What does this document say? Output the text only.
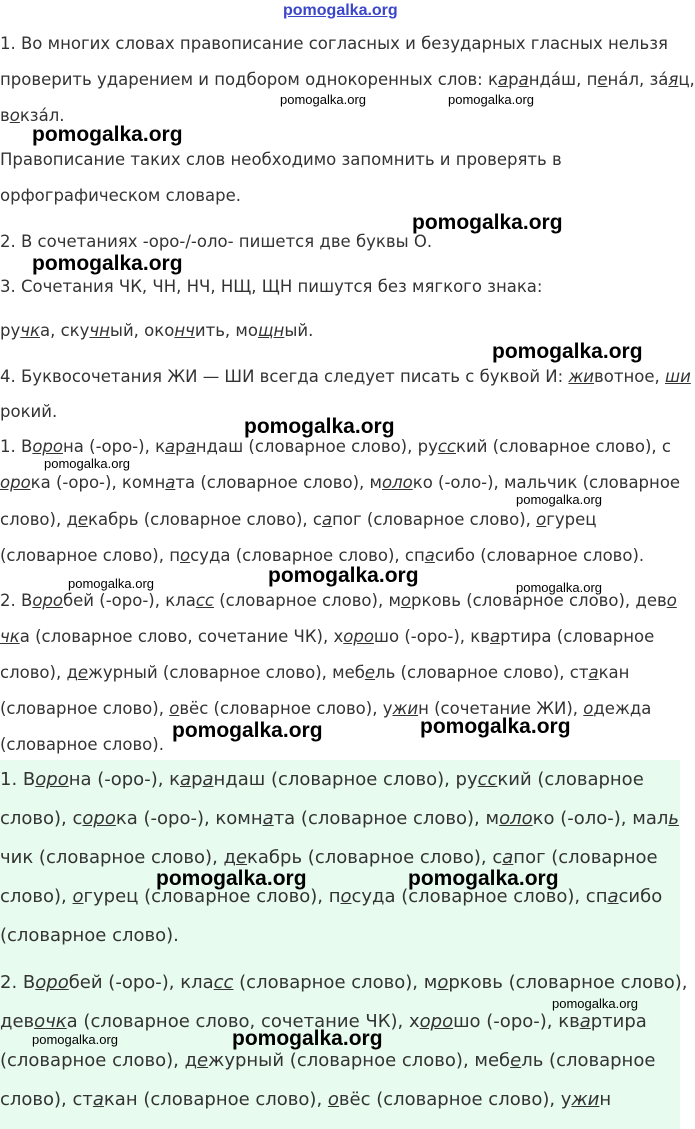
pomogalka.org
1. Во многих словах правописание согласных и безударных гласных нельзя
проверить ударением и подбором однокоренных слов: каранда́ш, пена́л, за́яц,
вокза́л.
Правописание таких слов необходимо запомнить и проверять в
орфографическом словаре.
2. В сочетаниях -оро-/-оло- пишется две буквы О.
3. Сочетания ЧК, ЧН, НЧ, НЩ, ЩН пишутся без мягкого знака:
ручка, скучный, окончить, мощный.
4. Буквосочетания ЖИ — ШИ всегда следует писать с буквой И: животное, ши
рокий.
1. Ворона (-оро-), карандаш (словарное слово), русский (словарное слово), с
орока (-оро-), комната (словарное слово), молоко (-оло-), мальчик (словарное
слово), декабрь (словарное слово), сапог (словарное слово), огурец
(словарное слово), посуда (словарное слово), спасибо (словарное слово).
2. Воробей (-оро-), класс (словарное слово), морковь (словарное слово), дево
чка (словарное слово, сочетание ЧК), хорошо (-оро-), квартира (словарное
слово), дежурный (словарное слово), мебель (словарное слово), стакан
(словарное слово), овёс (словарное слово), ужин (сочетание ЖИ), одежда
(словарное слово).
1. Ворона (-оро-), карандаш (словарное слово), русский (словарное
слово), сорока (-оро-), комната (словарное слово), молоко (-оло-), маль
чик (словарное слово), декабрь (словарное слово), сапог (словарное
слово), огурец (словарное слово), посуда (словарное слово), спасибо
(словарное слово).
2. Воробей (-оро-), класс (словарное слово), морковь (словарное слово),
девочка (словарное слово, сочетание ЧК), хорошо (-оро-), квартира
(словарное слово), дежурный (словарное слово), мебель (словарное
слово), стакан (словарное слово), овёс (словарное слово), ужин
pomogalka.org	pomogalka.org
pomogalka.org
pomogalka.org
pomogalka.org
pomogalka.org
pomogalka.org
pomogalka.org
pomogalka.org
pomogalka.org
pomogalka.org	pomogalka.org
pomogalka.org
pomogalka.org
pomogalka.org	pomogalka.org
pomogalka.org
pomogalka.org
pomogalka.org
